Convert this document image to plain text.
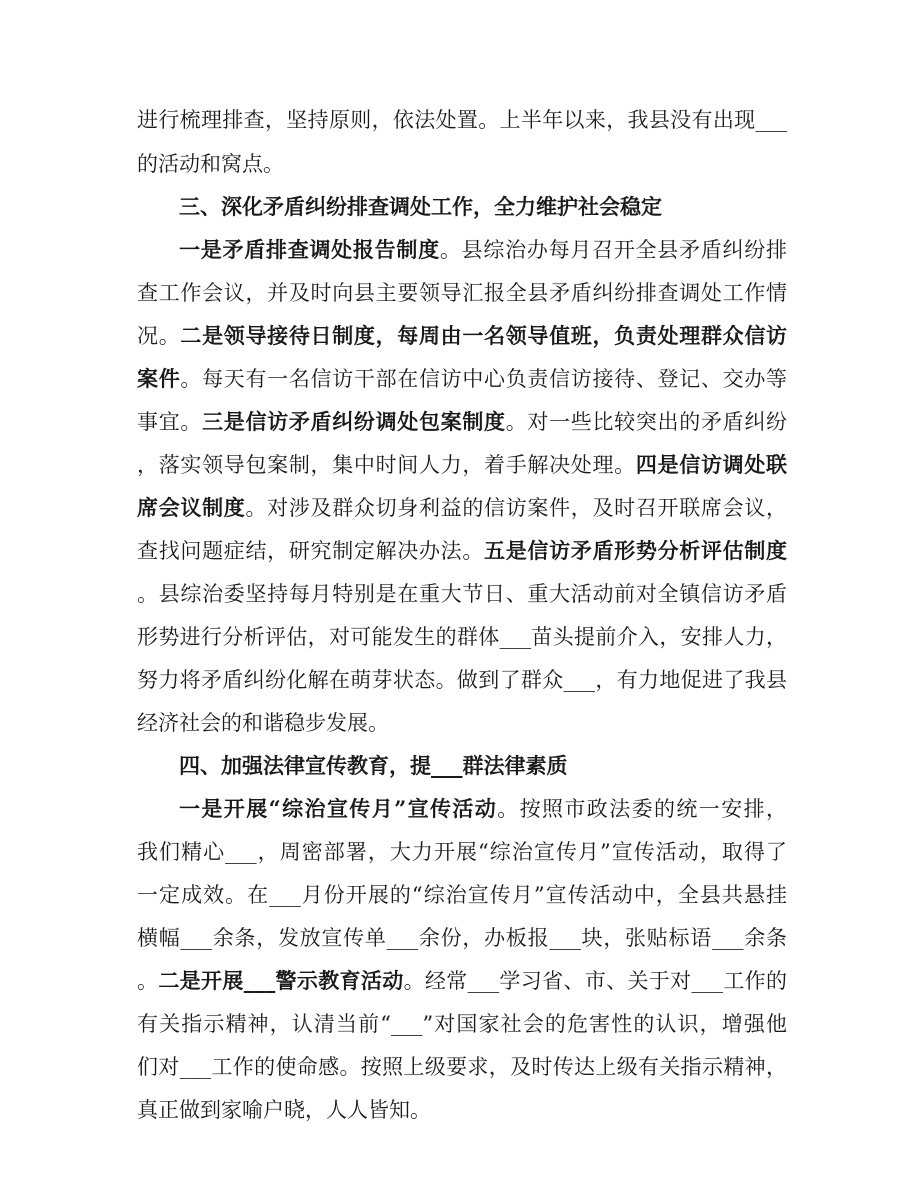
进行梳理排查，坚持原则，依法处置。上半年以来，我县没有出现___
的活动和窝点。
三、深化矛盾纠纷排查调处工作，全力维护社会稳定
一是矛盾排查调处报告制度。县综治办每月召开全县矛盾纠纷排
查工作会议，并及时向县主要领导汇报全县矛盾纠纷排查调处工作情
况。二是领导接待日制度，每周由一名领导值班，负责处理群众信访
案件。每天有一名信访干部在信访中心负责信访接待、登记、交办等
事宜。三是信访矛盾纠纷调处包案制度。对一些比较突出的矛盾纠纷
，落实领导包案制，集中时间人力，着手解决处理。四是信访调处联
席会议制度。对涉及群众切身利益的信访案件，及时召开联席会议，
查找问题症结，研究制定解决办法。五是信访矛盾形势分析评估制度
。县综治委坚持每月特别是在重大节日、重大活动前对全镇信访矛盾
形势进行分析评估，对可能发生的群体___苗头提前介入，安排人力，
努力将矛盾纠纷化解在萌芽状态。做到了群众___，有力地促进了我县
经济社会的和谐稳步发展。
四、加强法律宣传教育，提___群法律素质
一是开展“综治宣传月”宣传活动。按照市政法委的统一安排，
我们精心___，周密部署，大力开展“综治宣传月”宣传活动，取得了
一定成效。在___月份开展的“综治宣传月”宣传活动中，全县共悬挂
横幅___余条，发放宣传单___余份，办板报___块，张贴标语___余条
。二是开展___警示教育活动。经常___学习省、市、关于对___工作的
有关指示精神，认清当前“___”对国家社会的危害性的认识，增强他
们对___工作的使命感。按照上级要求，及时传达上级有关指示精神，
真正做到家喻户晓，人人皆知。
